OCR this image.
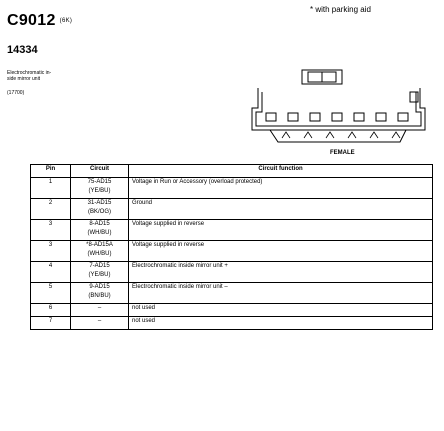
* with parking aid
C9012 (6K)
14334
Electrochromatic in-side mirror unit
(17700)
FEMALE
Pin	Circuit	Circuit function
1	75-AD15
(YE/BU)	Voltage in Run or Accessory (overload protected)
2	31-AD15
(BK/OG)	Ground
3	8-AD15
(WH/BU)	Voltage supplied in reverse
3	*8-AD15A
(WH/BU)	Voltage supplied in reverse
4	7-AD15
(YE/BU)	Electrochromatic inside mirror unit +
5	9-AD15
(BN/BU)	Electrochromatic inside mirror unit –
6	–	not used
7	–	not used
